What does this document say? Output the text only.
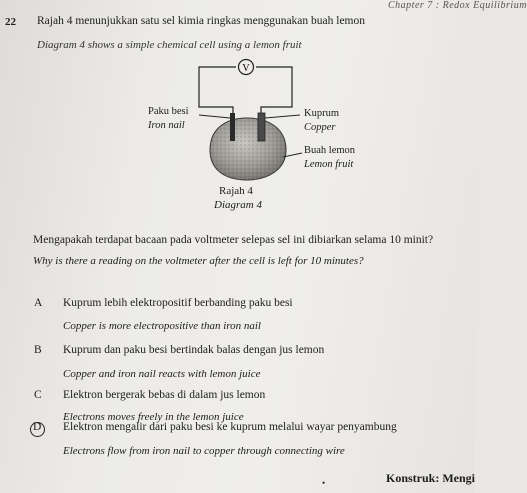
Chapter 7 : Redox Equilibrium
22 Rajah 4 menunjukkan satu sel kimia ringkas menggunakan buah lemon
Diagram 4 shows a simple chemical cell using a lemon fruit
V
Paku besi
Iron nail
Kuprum
Copper
Buah lemon
Lemon fruit
Rajah 4
Diagram 4
Mengapakah terdapat bacaan pada voltmeter selepas sel ini dibiarkan selama 10 minit?
Why is there a reading on the voltmeter after the cell is left for 10 minutes?
A Kuprum lebih elektropositif berbanding paku besi
Copper is more electropositive than iron nail
B Kuprum dan paku besi bertindak balas dengan jus lemon
Copper and iron nail reacts with lemon juice
C Elektron bergerak bebas di dalam jus lemon
Electrons moves freely in the lemon juice
D Elektron mengalir dari paku besi ke kuprum melalui wayar penyambung
Electrons flow from iron nail to copper through connecting wire
•	Konstruk: Mengi
